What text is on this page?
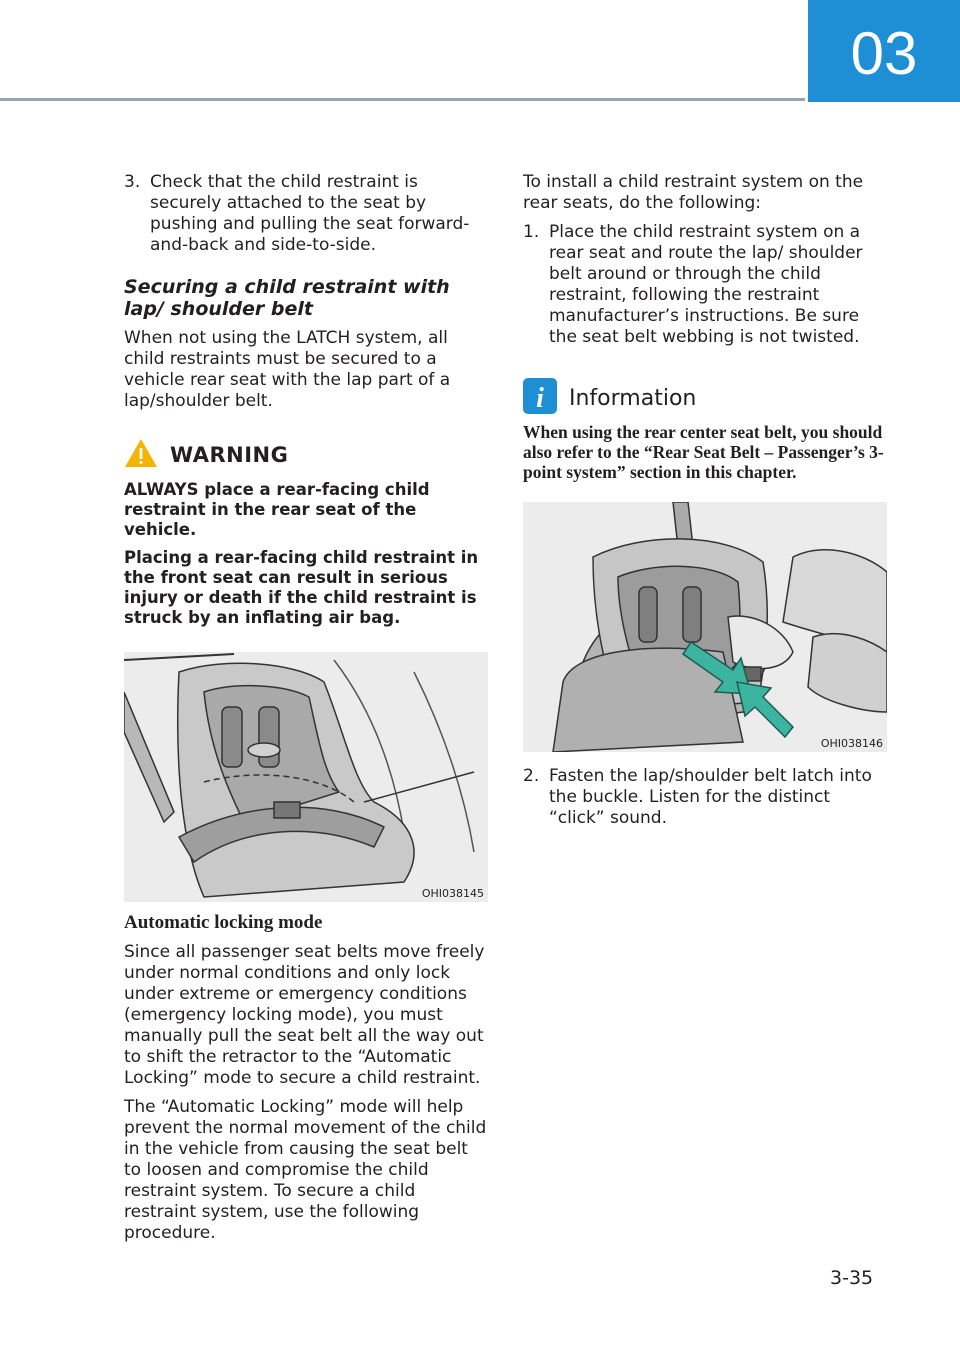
03
3. Check that the child restraint is securely attached to the seat by pushing and pulling the seat forward-and-back and side-to-side.
Securing a child restraint with lap/ shoulder belt

When not using the LATCH system, all child restraints must be secured to a vehicle rear seat with the lap part of a lap/shoulder belt.

WARNING

ALWAYS place a rear-facing child restraint in the rear seat of the vehicle.

Placing a rear-facing child restraint in the front seat can result in serious injury or death if the child restraint is struck by an inflating air bag.

OHI038145
Automatic locking mode

Since all passenger seat belts move freely under normal conditions and only lock under extreme or emergency conditions (emergency locking mode), you must manually pull the seat belt all the way out to shift the retractor to the “Automatic Locking” mode to secure a child restraint.

The “Automatic Locking” mode will help prevent the normal movement of the child in the vehicle from causing the seat belt to loosen and compromise the child restraint system. To secure a child restraint system, use the following procedure.

To install a child restraint system on the rear seats, do the following:

1. Place the child restraint system on a rear seat and route the lap/ shoulder belt around or through the child restraint, following the restraint manufacturer’s instructions. Be sure the seat belt webbing is not twisted.
i Information
When using the rear center seat belt, you should also refer to the “Rear Seat Belt – Passenger’s 3-point system” section in this chapter.
OHI038146
2. Fasten the lap/shoulder belt latch into the buckle. Listen for the distinct “click” sound.
3-35
